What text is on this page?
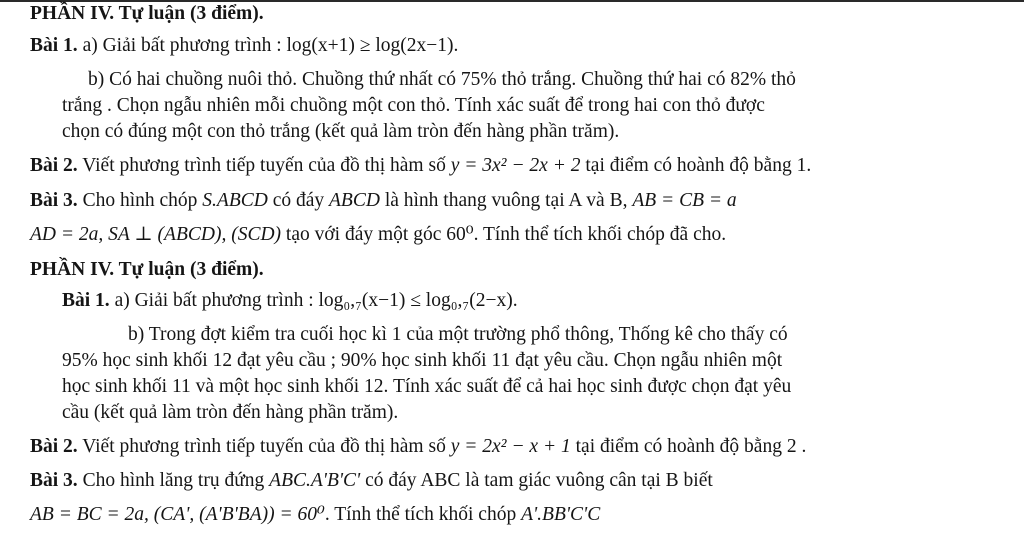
PHẦN IV. Tự luận (3 điểm).
Bài 1. a) Giải bất phương trình : log(x+1) ≥ log(2x−1).
b) Có hai chuồng nuôi thỏ. Chuồng thứ nhất có 75% thỏ trắng. Chuồng thứ hai có 82% thỏ
trắng . Chọn ngẫu nhiên mỗi chuồng một con thỏ. Tính xác suất để trong hai con thỏ được
chọn có đúng một con thỏ trắng (kết quả làm tròn đến hàng phần trăm).
Bài 2. Viết phương trình tiếp tuyến của đồ thị hàm số y = 3x² − 2x + 2 tại điểm có hoành độ bằng 1.
Bài 3. Cho hình chóp S.ABCD có đáy ABCD là hình thang vuông tại A và B, AB = CB = a
AD = 2a, SA ⊥ (ABCD), (SCD) tạo với đáy một góc 60⁰. Tính thể tích khối chóp đã cho.
PHẦN IV. Tự luận (3 điểm).
Bài 1. a) Giải bất phương trình : log₀,₇(x−1) ≤ log₀,₇(2−x).
b) Trong đợt kiểm tra cuối học kì 1 của một trường phổ thông, Thống kê cho thấy có
95% học sinh khối 12 đạt yêu cầu ; 90% học sinh khối 11 đạt yêu cầu. Chọn ngẫu nhiên một
học sinh khối 11 và một học sinh khối 12. Tính xác suất để cả hai học sinh được chọn đạt yêu
cầu (kết quả làm tròn đến hàng phần trăm).
Bài 2. Viết phương trình tiếp tuyến của đồ thị hàm số y = 2x² − x + 1 tại điểm có hoành độ bằng 2 .
Bài 3. Cho hình lăng trụ đứng ABC.A'B'C' có đáy ABC là tam giác vuông cân tại B biết
AB = BC = 2a, (CA', (A'B'BA)) = 60⁰. Tính thể tích khối chóp A'.BB'C'C
